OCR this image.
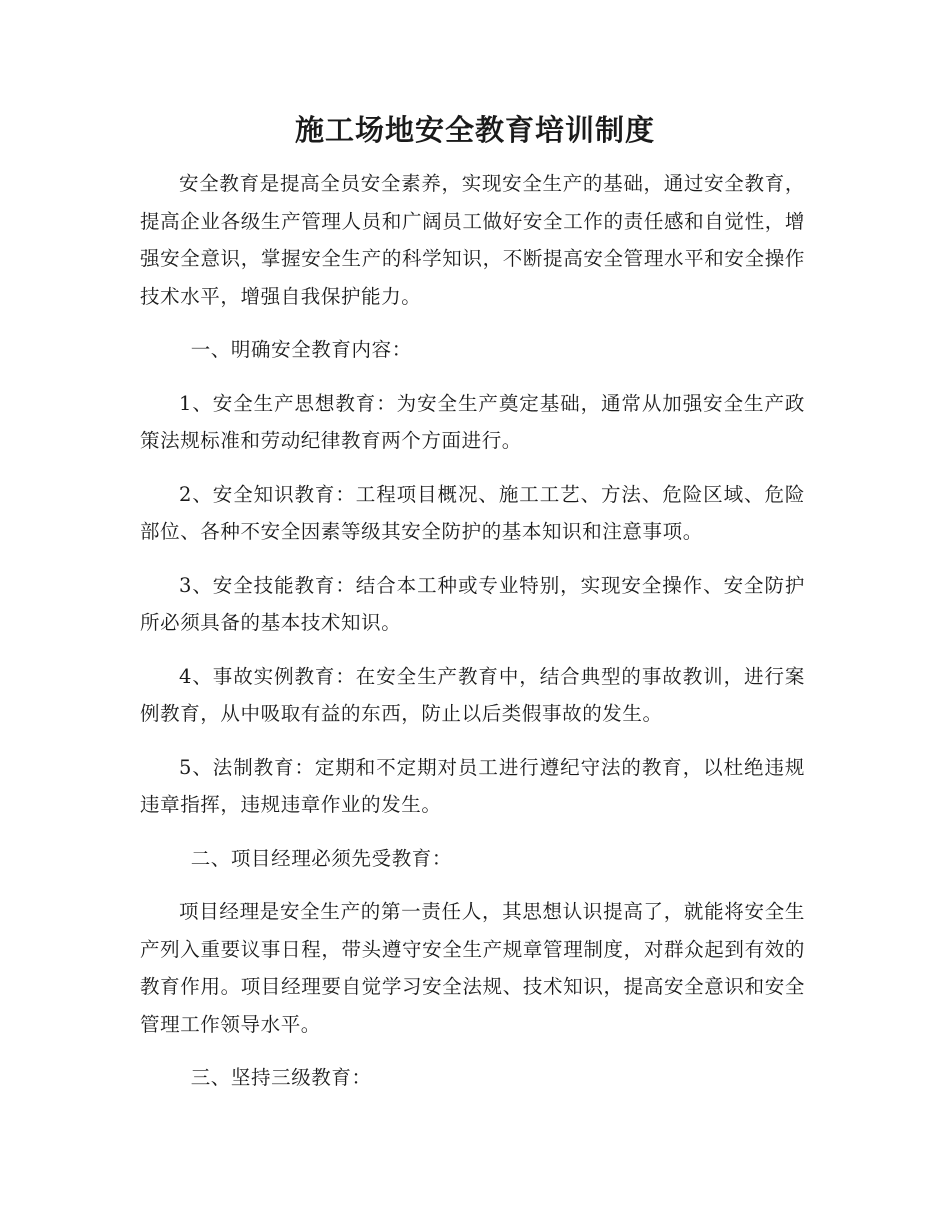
施工场地安全教育培训制度

安全教育是提高全员安全素养，实现安全生产的基础，通过安全教育，提高企业各级生产管理人员和广阔员工做好安全工作的责任感和自觉性，增强安全意识，掌握安全生产的科学知识，不断提高安全管理水平和安全操作技术水平，增强自我保护能力。

一、明确安全教育内容：

1、安全生产思想教育：为安全生产奠定基础，通常从加强安全生产政策法规标准和劳动纪律教育两个方面进行。

2、安全知识教育：工程项目概况、施工工艺、方法、危险区域、危险部位、各种不安全因素等级其安全防护的基本知识和注意事项。

3、安全技能教育：结合本工种或专业特别，实现安全操作、安全防护所必须具备的基本技术知识。

4、事故实例教育：在安全生产教育中，结合典型的事故教训，进行案例教育，从中吸取有益的东西，防止以后类假事故的发生。

5、法制教育：定期和不定期对员工进行遵纪守法的教育，以杜绝违规违章指挥，违规违章作业的发生。

二、项目经理必须先受教育：

项目经理是安全生产的第一责任人，其思想认识提高了，就能将安全生产列入重要议事日程，带头遵守安全生产规章管理制度，对群众起到有效的教育作用。项目经理要自觉学习安全法规、技术知识，提高安全意识和安全管理工作领导水平。

三、坚持三级教育：
